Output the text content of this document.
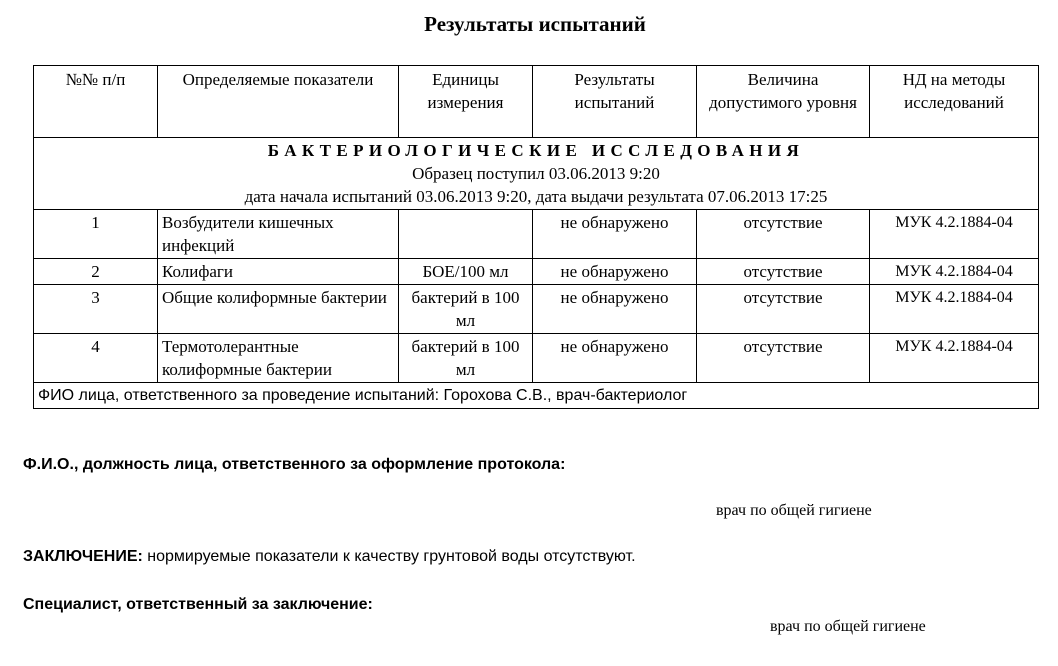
Результаты испытаний
№№ п/п	Определяемые показатели	Единицы измерения	Результаты испытаний	Величина допустимого уровня	НД на методы исследований

БАКТЕРИОЛОГИЧЕСКИЕ ИССЛЕДОВАНИЯ
Образец поступил 03.06.2013 9:20
дата начала испытаний 03.06.2013 9:20, дата выдачи результата 07.06.2013 17:25					

1	Возбудители кишечных инфекций		не обнаружено	отсутствие	МУК 4.2.1884-04
2	Колифаги	БОЕ/100 мл	не обнаружено	отсутствие	МУК 4.2.1884-04
3	Общие колиформные бактерии	бактерий в 100 мл	не обнаружено	отсутствие	МУК 4.2.1884-04
4	Термотолерантные колиформные бактерии	бактерий в 100 мл	не обнаружено	отсутствие	МУК 4.2.1884-04
ФИО лица, ответственного за проведение испытаний: Горохова С.В., врач-бактериолог					
Ф.И.О., должность лица, ответственного за оформление протокола:
врач по общей гигиене
ЗАКЛЮЧЕНИЕ: нормируемые показатели к качеству грунтовой воды отсутствуют.
Специалист, ответственный за заключение:
врач по общей гигиене
